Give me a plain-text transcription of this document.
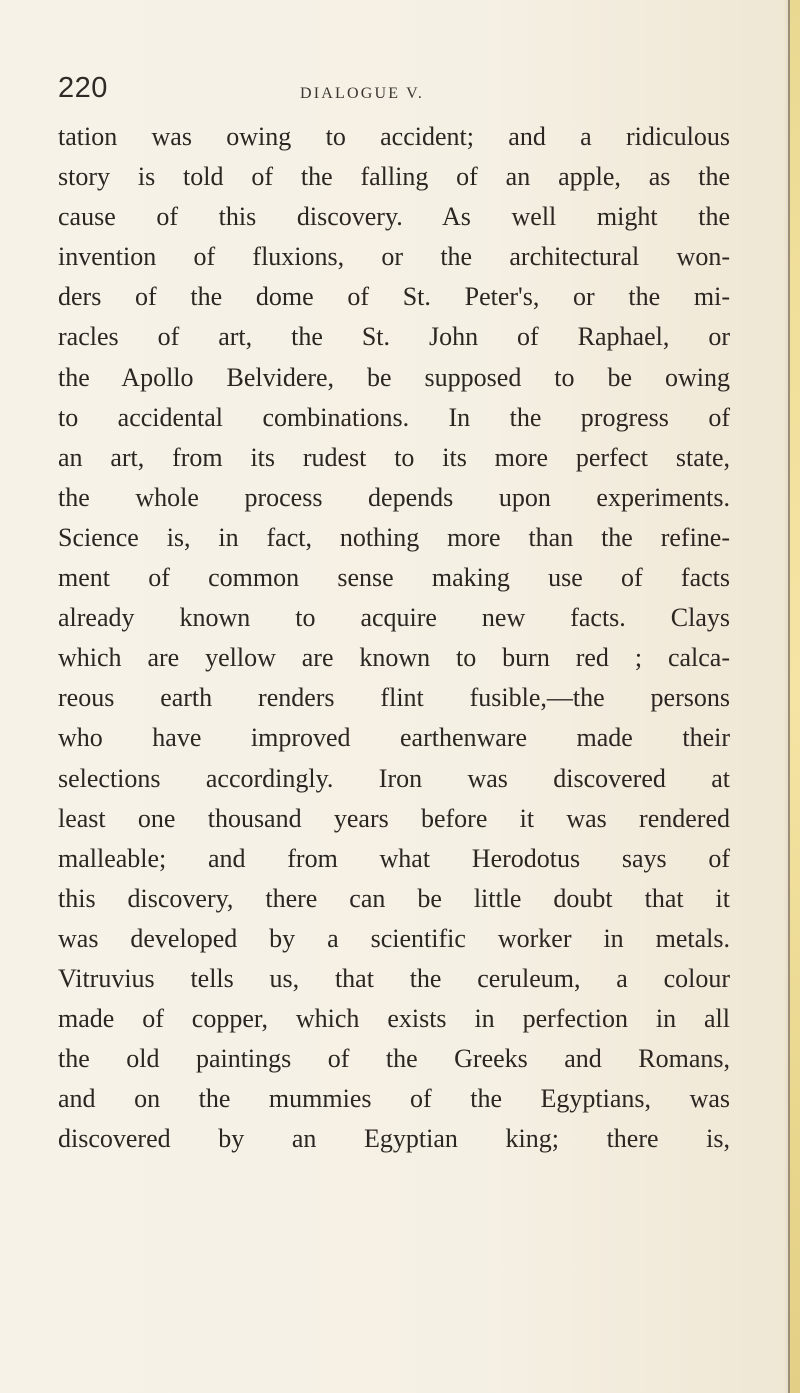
220	DIALOGUE V.
tation was owing to accident; and a ridiculous
story is told of the falling of an apple, as the
cause of this discovery. As well might the
invention of fluxions, or the architectural won-
ders of the dome of St. Peter's, or the mi-
racles of art, the St. John of Raphael, or
the Apollo Belvidere, be supposed to be owing
to accidental combinations. In the progress of
an art, from its rudest to its more perfect state,
the whole process depends upon experiments.
Science is, in fact, nothing more than the refine-
ment of common sense making use of facts
already known to acquire new facts. Clays
which are yellow are known to burn red ; calca-
reous earth renders flint fusible,—the persons
who have improved earthenware made their
selections accordingly. Iron was discovered at
least one thousand years before it was rendered
malleable; and from what Herodotus says of
this discovery, there can be little doubt that it
was developed by a scientific worker in metals.
Vitruvius tells us, that the ceruleum, a colour
made of copper, which exists in perfection in all
the old paintings of the Greeks and Romans,
and on the mummies of the Egyptians, was
discovered by an Egyptian king; there is,
